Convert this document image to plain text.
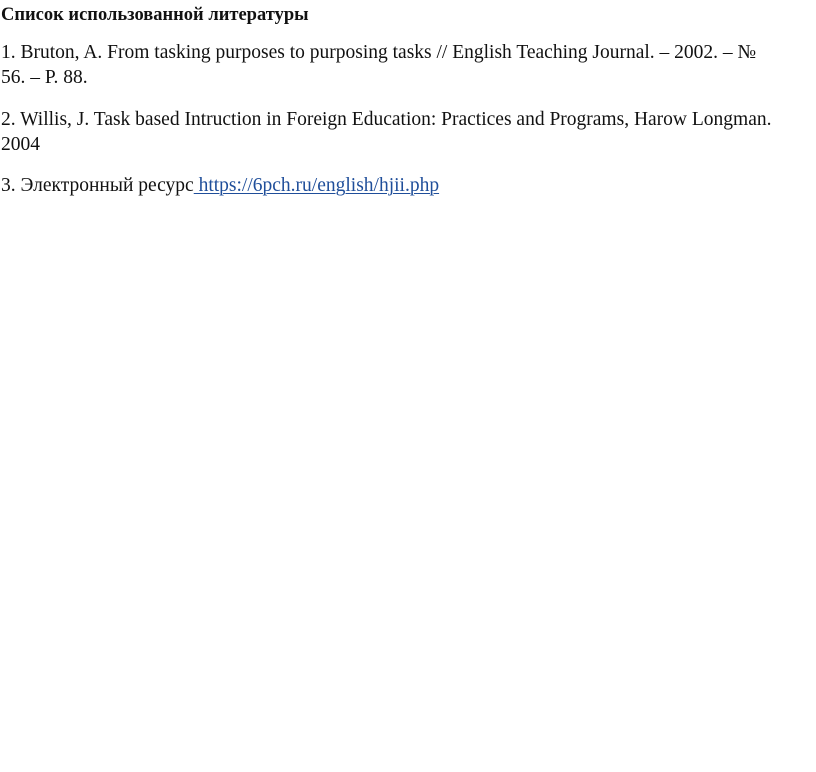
Список использованной литературы

1. Bruton, A. From tasking purposes to purposing tasks // English Teaching Journal. – 2002. – №
56. – P. 88.

2. Willis, J. Task based Intruction in Foreign Education: Practices and Programs, Harow Longman.
2004

3. Электронный ресурс https://6pch.ru/english/hjii.php
